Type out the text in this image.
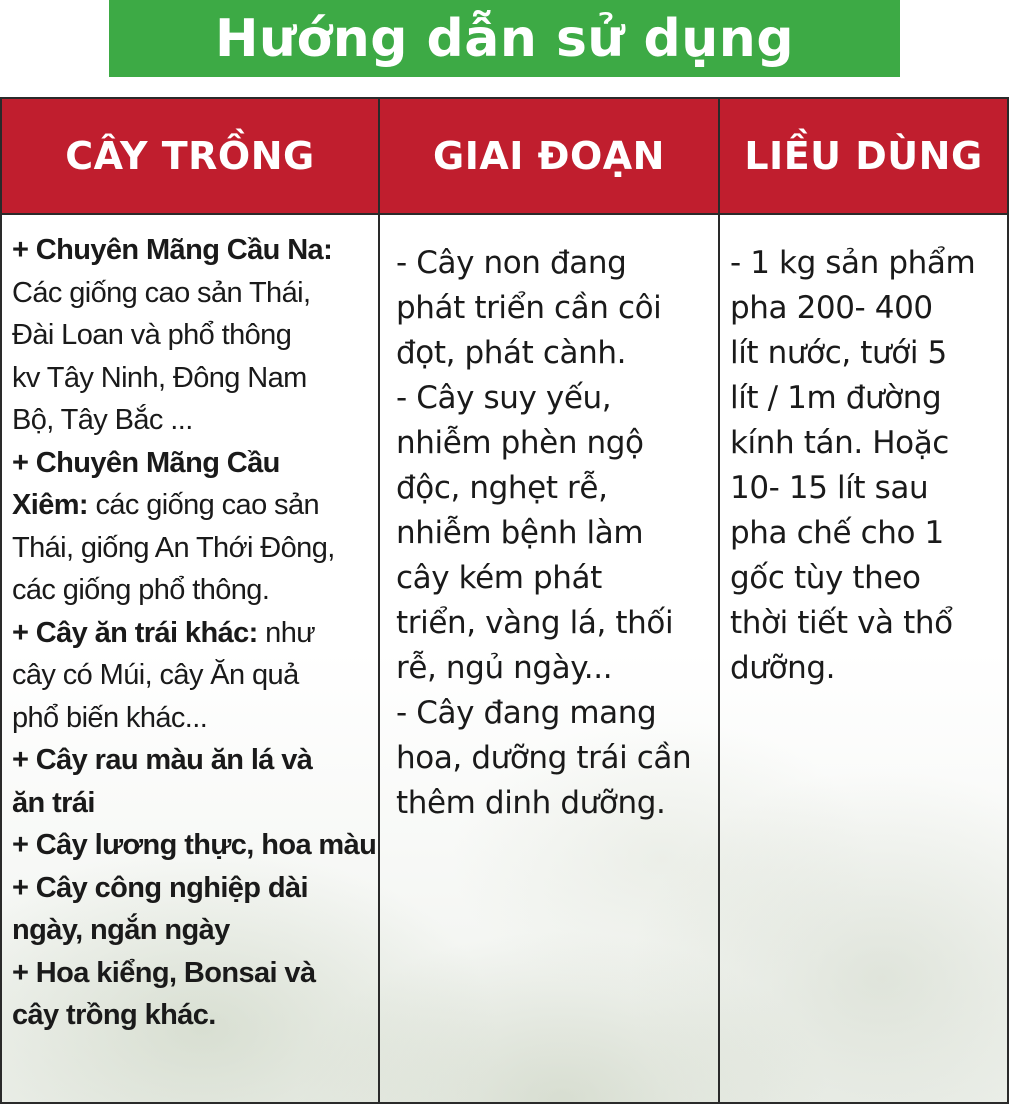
Hướng dẫn sử dụng
CÂY TRỒNG	GIAI ĐOẠN	LIỀU DÙNG
+ Chuyên Mãng Cầu Na:
Các giống cao sản Thái,
Đài Loan và phổ thông
kv Tây Ninh, Đông Nam
Bộ, Tây Bắc ...
+ Chuyên Mãng Cầu
Xiêm: các giống cao sản
Thái, giống An Thới Đông,
các giống phổ thông.
+ Cây ăn trái khác: như
cây có Múi, cây Ăn quả
phổ biến khác...
+ Cây rau màu ăn lá và
ăn trái
+ Cây lương thực, hoa màu
+ Cây công nghiệp dài
ngày, ngắn ngày
+ Hoa kiểng, Bonsai và
cây trồng khác.
- Cây non đang
phát triển cần côi
đọt, phát cành.
- Cây suy yếu,
nhiễm phèn ngộ
độc, nghẹt rễ,
nhiễm bệnh làm
cây kém phát
triển, vàng lá, thối
rễ, ngủ ngày...
- Cây đang mang
hoa, dưỡng trái cần
thêm dinh dưỡng.
- 1 kg sản phẩm
pha 200- 400
lít nước, tưới 5
lít / 1m đường
kính tán. Hoặc
10- 15 lít sau
pha chế cho 1
gốc tùy theo
thời tiết và thổ
dưỡng.
